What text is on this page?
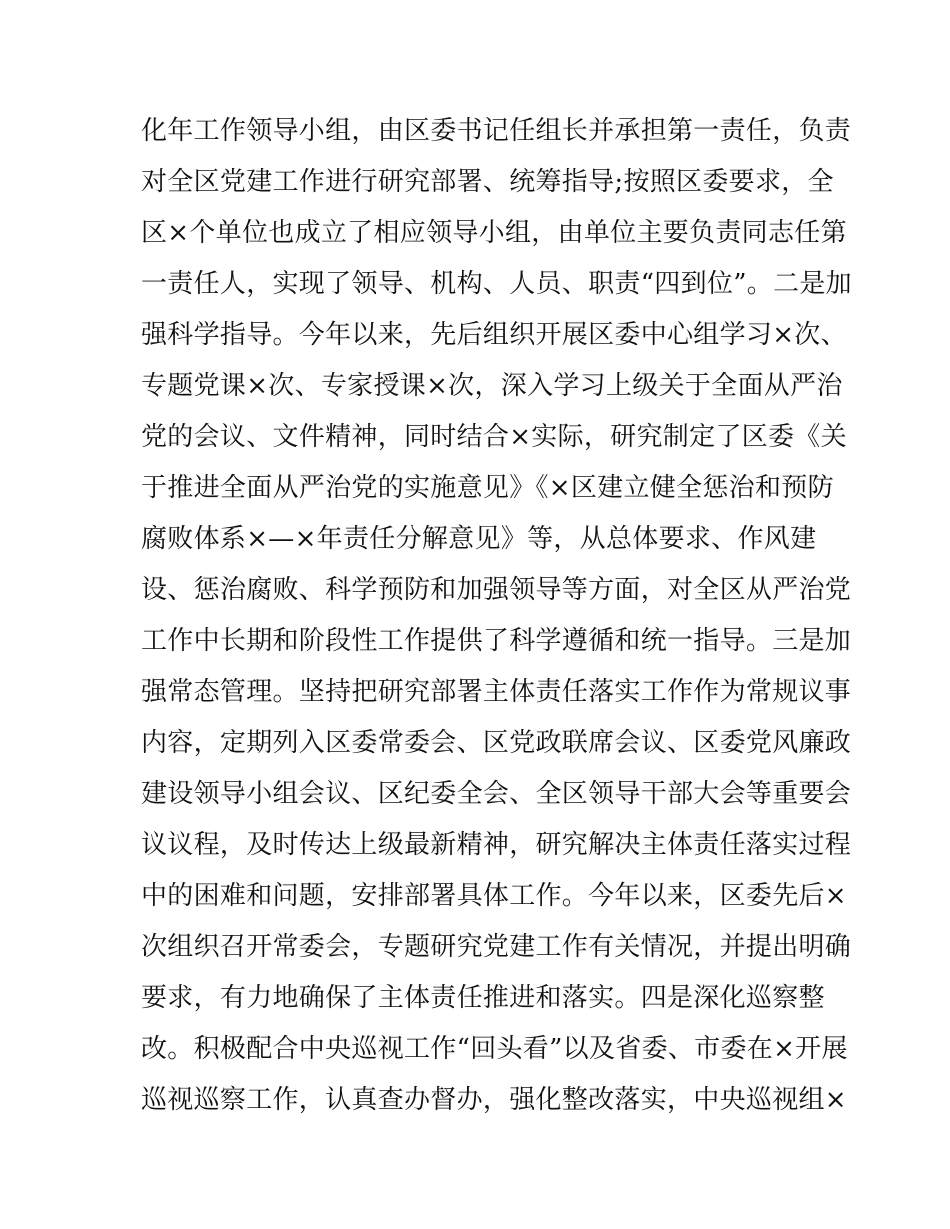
化年工作领导小组，由区委书记任组长并承担第一责任，负责
对全区党建工作进行研究部署、统筹指导;按照区委要求，全
区×个单位也成立了相应领导小组，由单位主要负责同志任第
一责任人，实现了领导、机构、人员、职责“四到位”。二是加
强科学指导。今年以来，先后组织开展区委中心组学习×次、
专题党课×次、专家授课×次，深入学习上级关于全面从严治
党的会议、文件精神，同时结合×实际，研究制定了区委《关
于推进全面从严治党的实施意见》《×区建立健全惩治和预防
腐败体系×—×年责任分解意见》等，从总体要求、作风建
设、惩治腐败、科学预防和加强领导等方面，对全区从严治党
工作中长期和阶段性工作提供了科学遵循和统一指导。三是加
强常态管理。坚持把研究部署主体责任落实工作作为常规议事
内容，定期列入区委常委会、区党政联席会议、区委党风廉政
建设领导小组会议、区纪委全会、全区领导干部大会等重要会
议议程，及时传达上级最新精神，研究解决主体责任落实过程
中的困难和问题，安排部署具体工作。今年以来，区委先后×
次组织召开常委会，专题研究党建工作有关情况，并提出明确
要求，有力地确保了主体责任推进和落实。四是深化巡察整
改。积极配合中央巡视工作“回头看”以及省委、市委在×开展
巡视巡察工作，认真查办督办，强化整改落实，中央巡视组×
